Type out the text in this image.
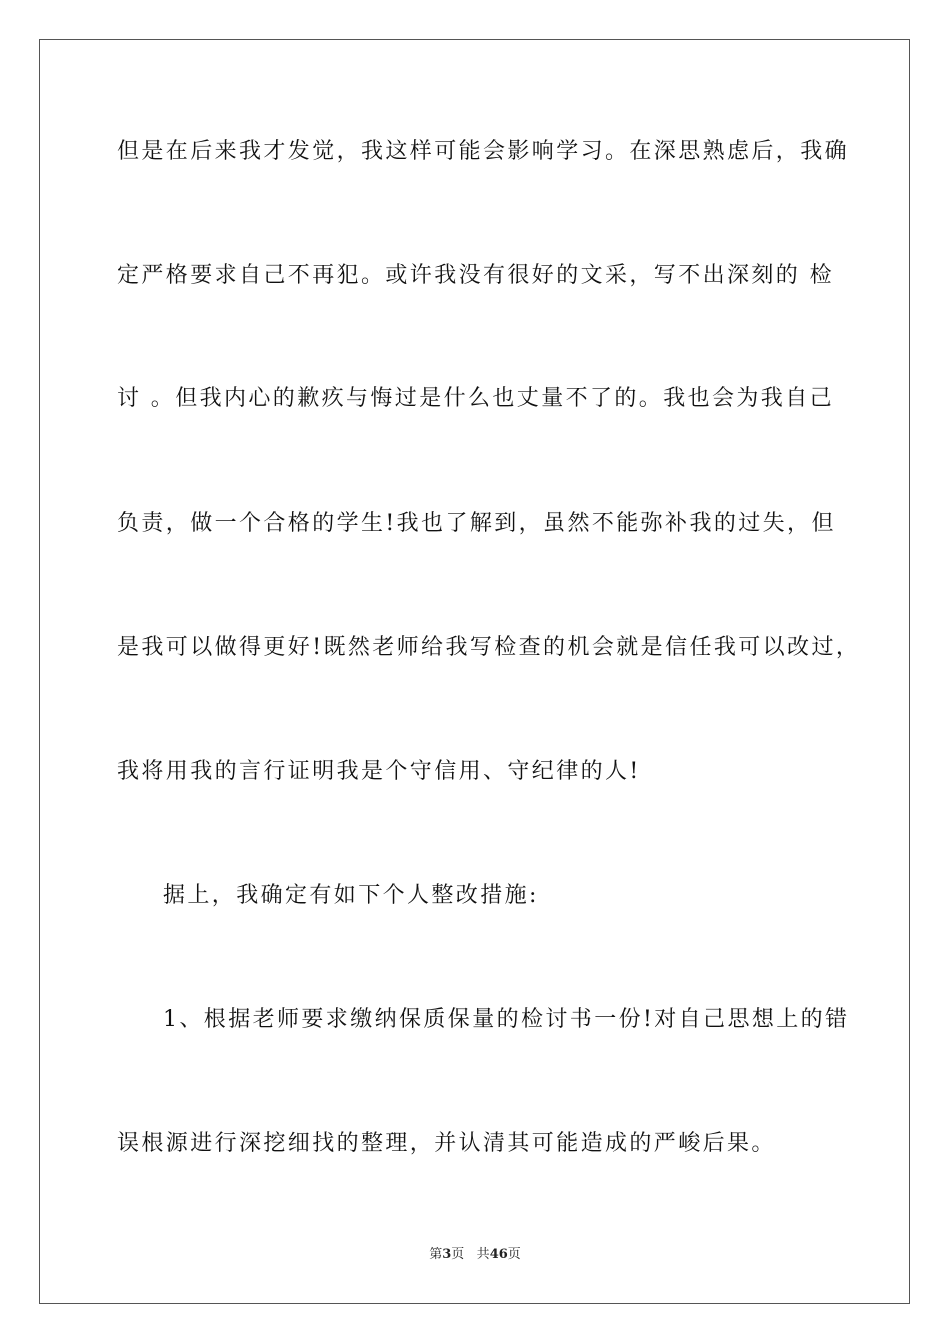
但是在后来我才发觉，我这样可能会影响学习。在深思熟虑后，我确
定严格要求自己不再犯。或许我没有很好的文采，写不出深刻的 检
讨 。但我内心的歉疚与悔过是什么也丈量不了的。我也会为我自己
负责，做一个合格的学生!我也了解到，虽然不能弥补我的过失，但
是我可以做得更好!既然老师给我写检查的机会就是信任我可以改过，
我将用我的言行证明我是个守信用、守纪律的人!
据上，我确定有如下个人整改措施:
1、根据老师要求缴纳保质保量的检讨书一份!对自己思想上的错
误根源进行深挖细找的整理，并认清其可能造成的严峻后果。
第3页 共46页
